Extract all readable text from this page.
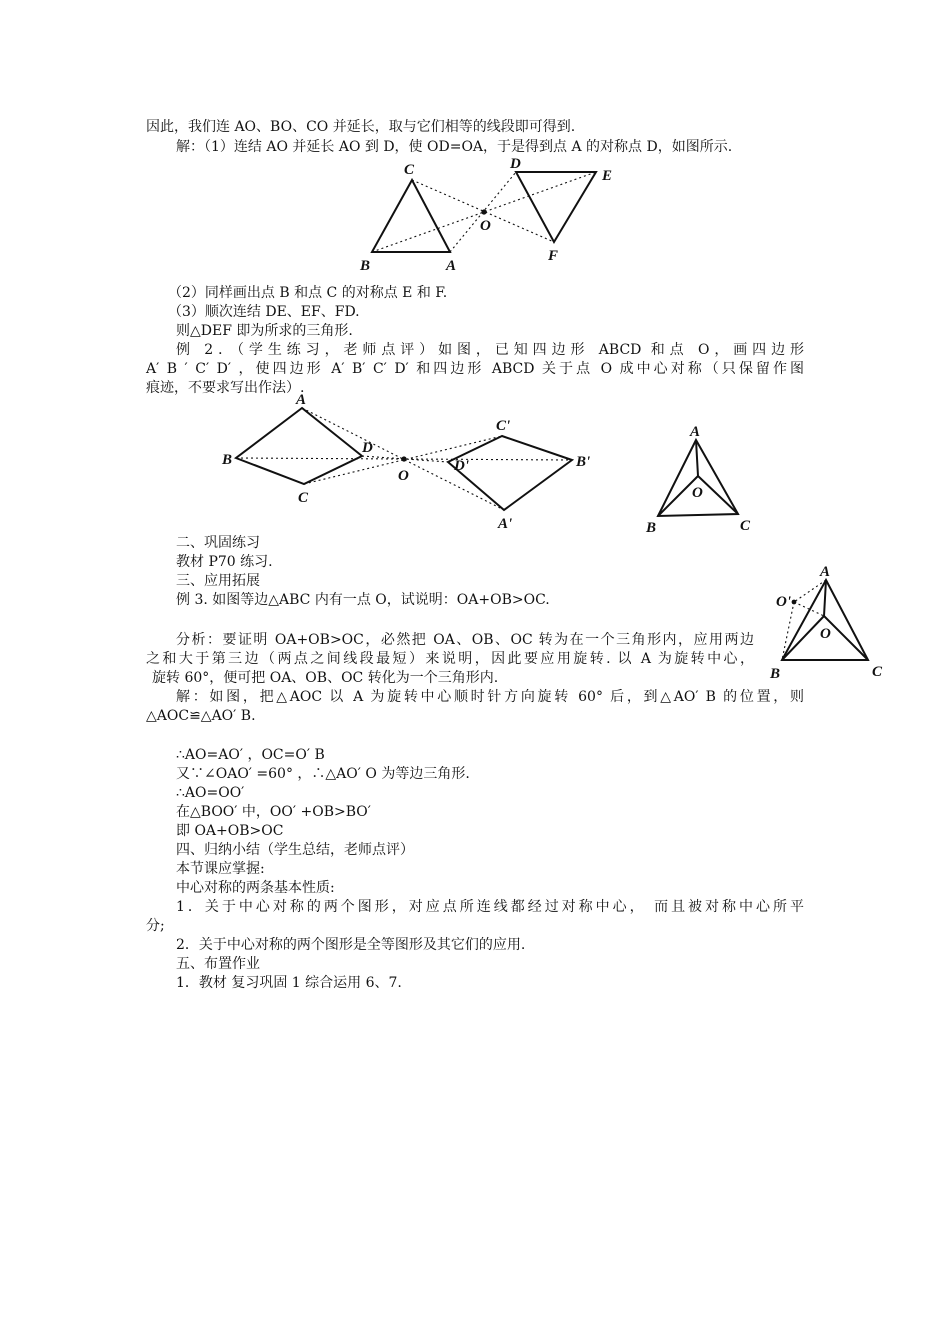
因此，我们连 AO、BO、CO 并延长，取与它们相等的线段即可得到.
解：（1）连结 AO 并延长 AO 到 D，使 OD=OA，于是得到点 A 的对称点 D，如图所示.
（2）同样画出点 B 和点 C 的对称点 E 和 F.
（3）顺次连结 DE、EF、FD.
则△DEF 即为所求的三角形.
例 2．（学生练习，老师点评）如图，已知四边形 ABCD 和点 O，画四边形
A′ B ′ C′ D′ ，使四边形 A′ B′ C′ D′ 和四边形 ABCD 关于点 O 成中心对称（只保留作图
痕迹，不要求写出作法）.
二、巩固练习
教材 P70 练习.
三、应用拓展
例 3. 如图等边△ABC 内有一点 O，试说明：OA+OB>OC.
分析：要证明 OA+OB>OC，必然把 OA、OB、OC 转为在一个三角形内，应用两边
之和大于第三边（两点之间线段最短）来说明，因此要应用旋转. 以 A 为旋转中心，
旋转 60°，便可把 OA、OB、OC 转化为一个三角形内.
解：如图，把△AOC 以 A 为旋转中心顺时针方向旋转 60° 后，到△AO′ B 的位置，则
△AOC≌△AO′ B.
∴AO=AO′ ，OC=O′ B
又∵∠OAO′ =60° ，∴△AO′ O 为等边三角形.
∴AO=OO′
在△BOO′ 中，OO′ +OB>BO′
即 OA+OB>OC
四、归纳小结（学生总结，老师点评）
本节课应掌握:
中心对称的两条基本性质:
1．关于中心对称的两个图形，对应点所连线都经过对称中心， 而且被对称中心所平
分;
2．关于中心对称的两个图形是全等图形及其它们的应用.
五、布置作业
1．教材 复习巩固 1 综合运用 6、7.
C
B	A
O
D
E
F
A
B
C
D
O
C'
D'	B'
A'
A
B	C
O
A
O'
O
B	C
